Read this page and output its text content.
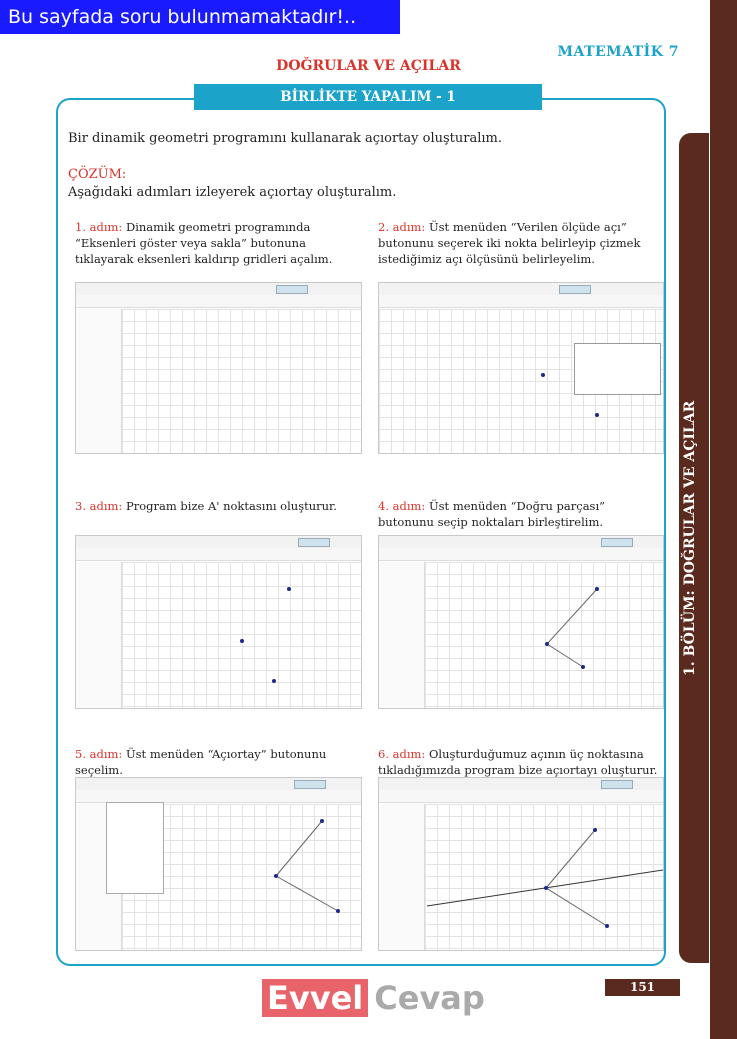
Bu sayfada soru bulunmamaktadır!..
MATEMATİK 7
DOĞRULAR VE AÇILAR
1. BÖLÜM: DOĞRULAR VE AÇILAR
BİRLİKTE YAPALIM - 1
Bir dinamik geometri programını kullanarak açıortay oluşturalım.
ÇÖZÜM:
Aşağıdaki adımları izleyerek açıortay oluşturalım.
1. adım: Dinamik geometri programında “Eksenleri göster veya sakla” butonuna tıklayarak eksenleri kaldırıp gridleri açalım.
2. adım: Üst menüden “Verilen ölçüde açı” butonunu seçerek iki nokta belirleyip çizmek istediğimiz açı ölçüsünü belirleyelim.
3. adım: Program bize A' noktasını oluşturur.	4. adım: Üst menüden “Doğru parçası” butonunu seçip noktaları birleştirelim.
5. adım: Üst menüden “Açıortay” butonunu seçelim.
6. adım: Oluşturduğumuz açının üç noktasına tıkladığımızda program bize açıortayı oluşturur.
Evvel Cevap	151
